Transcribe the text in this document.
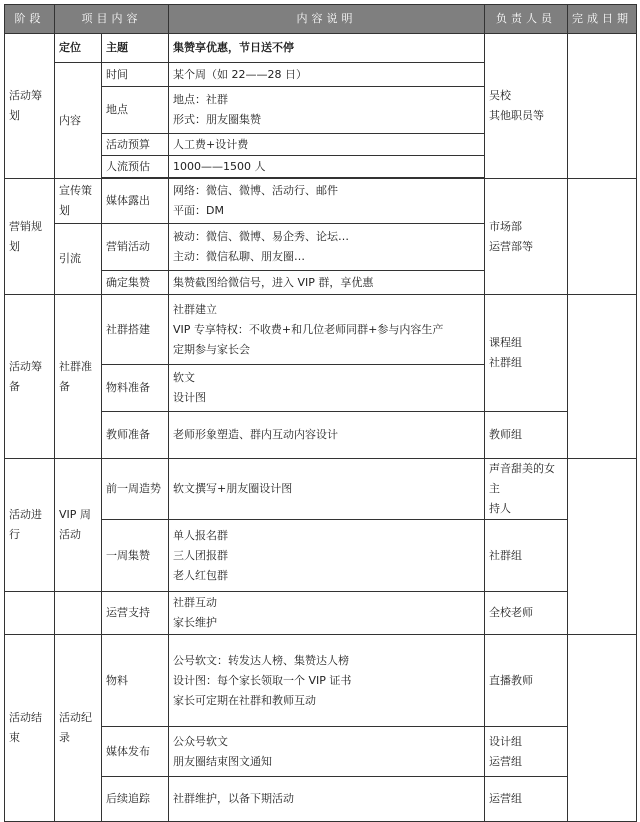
阶段	项目内容		内容说明	负责人员	完成日期
活动筹划	定位	主题	集赞享优惠，节日送不停	吴校
其他职员等	

	内容	时间	某个周（如 22——28 日）		
		地点	地点：社群
形式：朋友圈集赞		

		活动预算	人工费+设计费		
		人流预估	1000——1500 人		

营销规划	宣传策划	媒体露出	网络：微信、微博、活动行、邮件
平面：DM	市场部
运营部等	

	引流	营销活动	被动：微信、微博、易企秀、论坛…
主动：微信私聊、朋友圈…		

		确定集赞	集赞截图给微信号，进入 VIP 群，享优惠		
活动筹备	社群准备	社群搭建	社群建立
VIP 专享特权：不收费+和几位老师同群+参与内容生产
定期参与家长会	课程组
社群组	

		物料准备	软文
设计图		

		教师准备	老师形象塑造、群内互动内容设计	教师组	
活动进行	VIP 周活动	前一周造势	软文撰写+朋友圈设计图	声音甜美的女主
持人	

		一周集赞	单人报名群
三人团报群
老人红包群	社群组	
		运营支持	社群互动
家长维护	全校老师	
活动结束	活动纪录	物料	公号软文：转发达人榜、集赞达人榜
设计图：每个家长领取一个 VIP 证书
家长可定期在社群和教师互动	直播教师	
		媒体发布	公众号软文
朋友圈结束图文通知	设计组
运营组	

		后续追踪	社群维护，以备下期活动	运营组	
